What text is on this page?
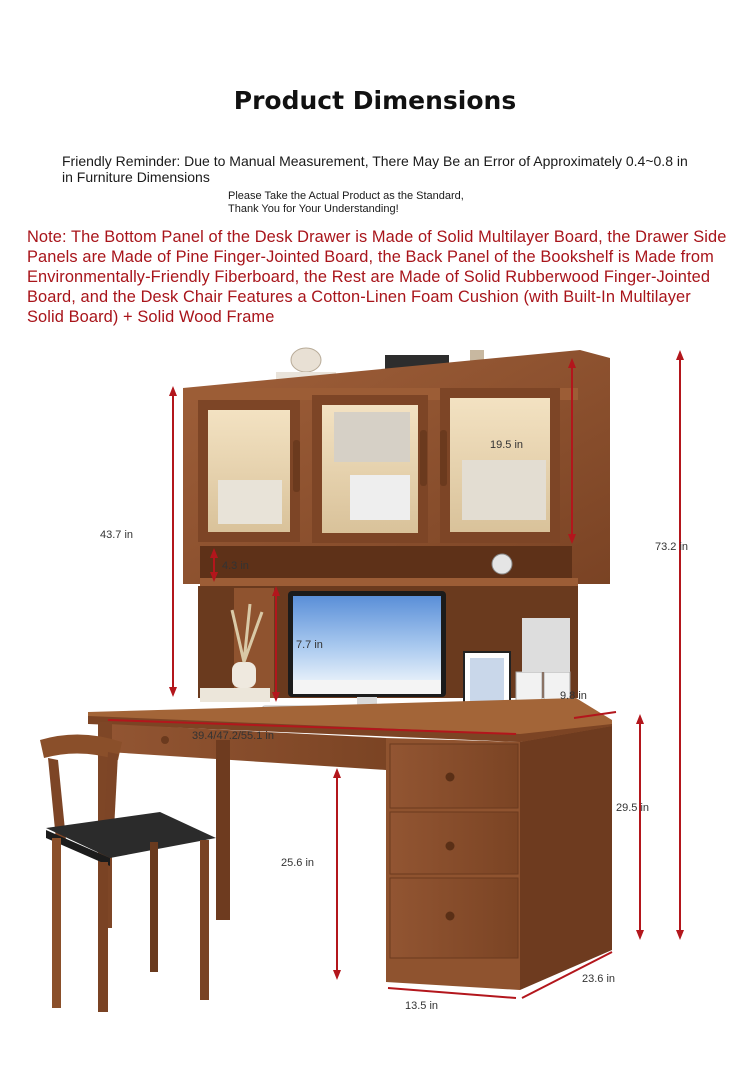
Product Dimensions
Friendly Reminder: Due to Manual Measurement, There May Be an Error of Approximately 0.4~0.8 in in Furniture Dimensions
Please Take the Actual Product as the Standard,
Thank You for Your Understanding!
Note: The Bottom Panel of the Desk Drawer is Made of Solid Multilayer Board, the Drawer Side Panels are Made of Pine Finger-Jointed Board, the Back Panel of the Bookshelf is Made from Environmentally-Friendly Fiberboard, the Rest are Made of Solid Rubberwood Finger-Jointed Board, and the Desk Chair Features a Cotton-Linen Foam Cushion (with Built-In Multilayer Solid Board) + Solid Wood Frame
43.7 in
73.2 in
19.5 in
4.3 in
7.7 in
39.4/47.2/55.1 in
9.8 in
29.5 in
25.6 in
13.5 in
23.6 in
